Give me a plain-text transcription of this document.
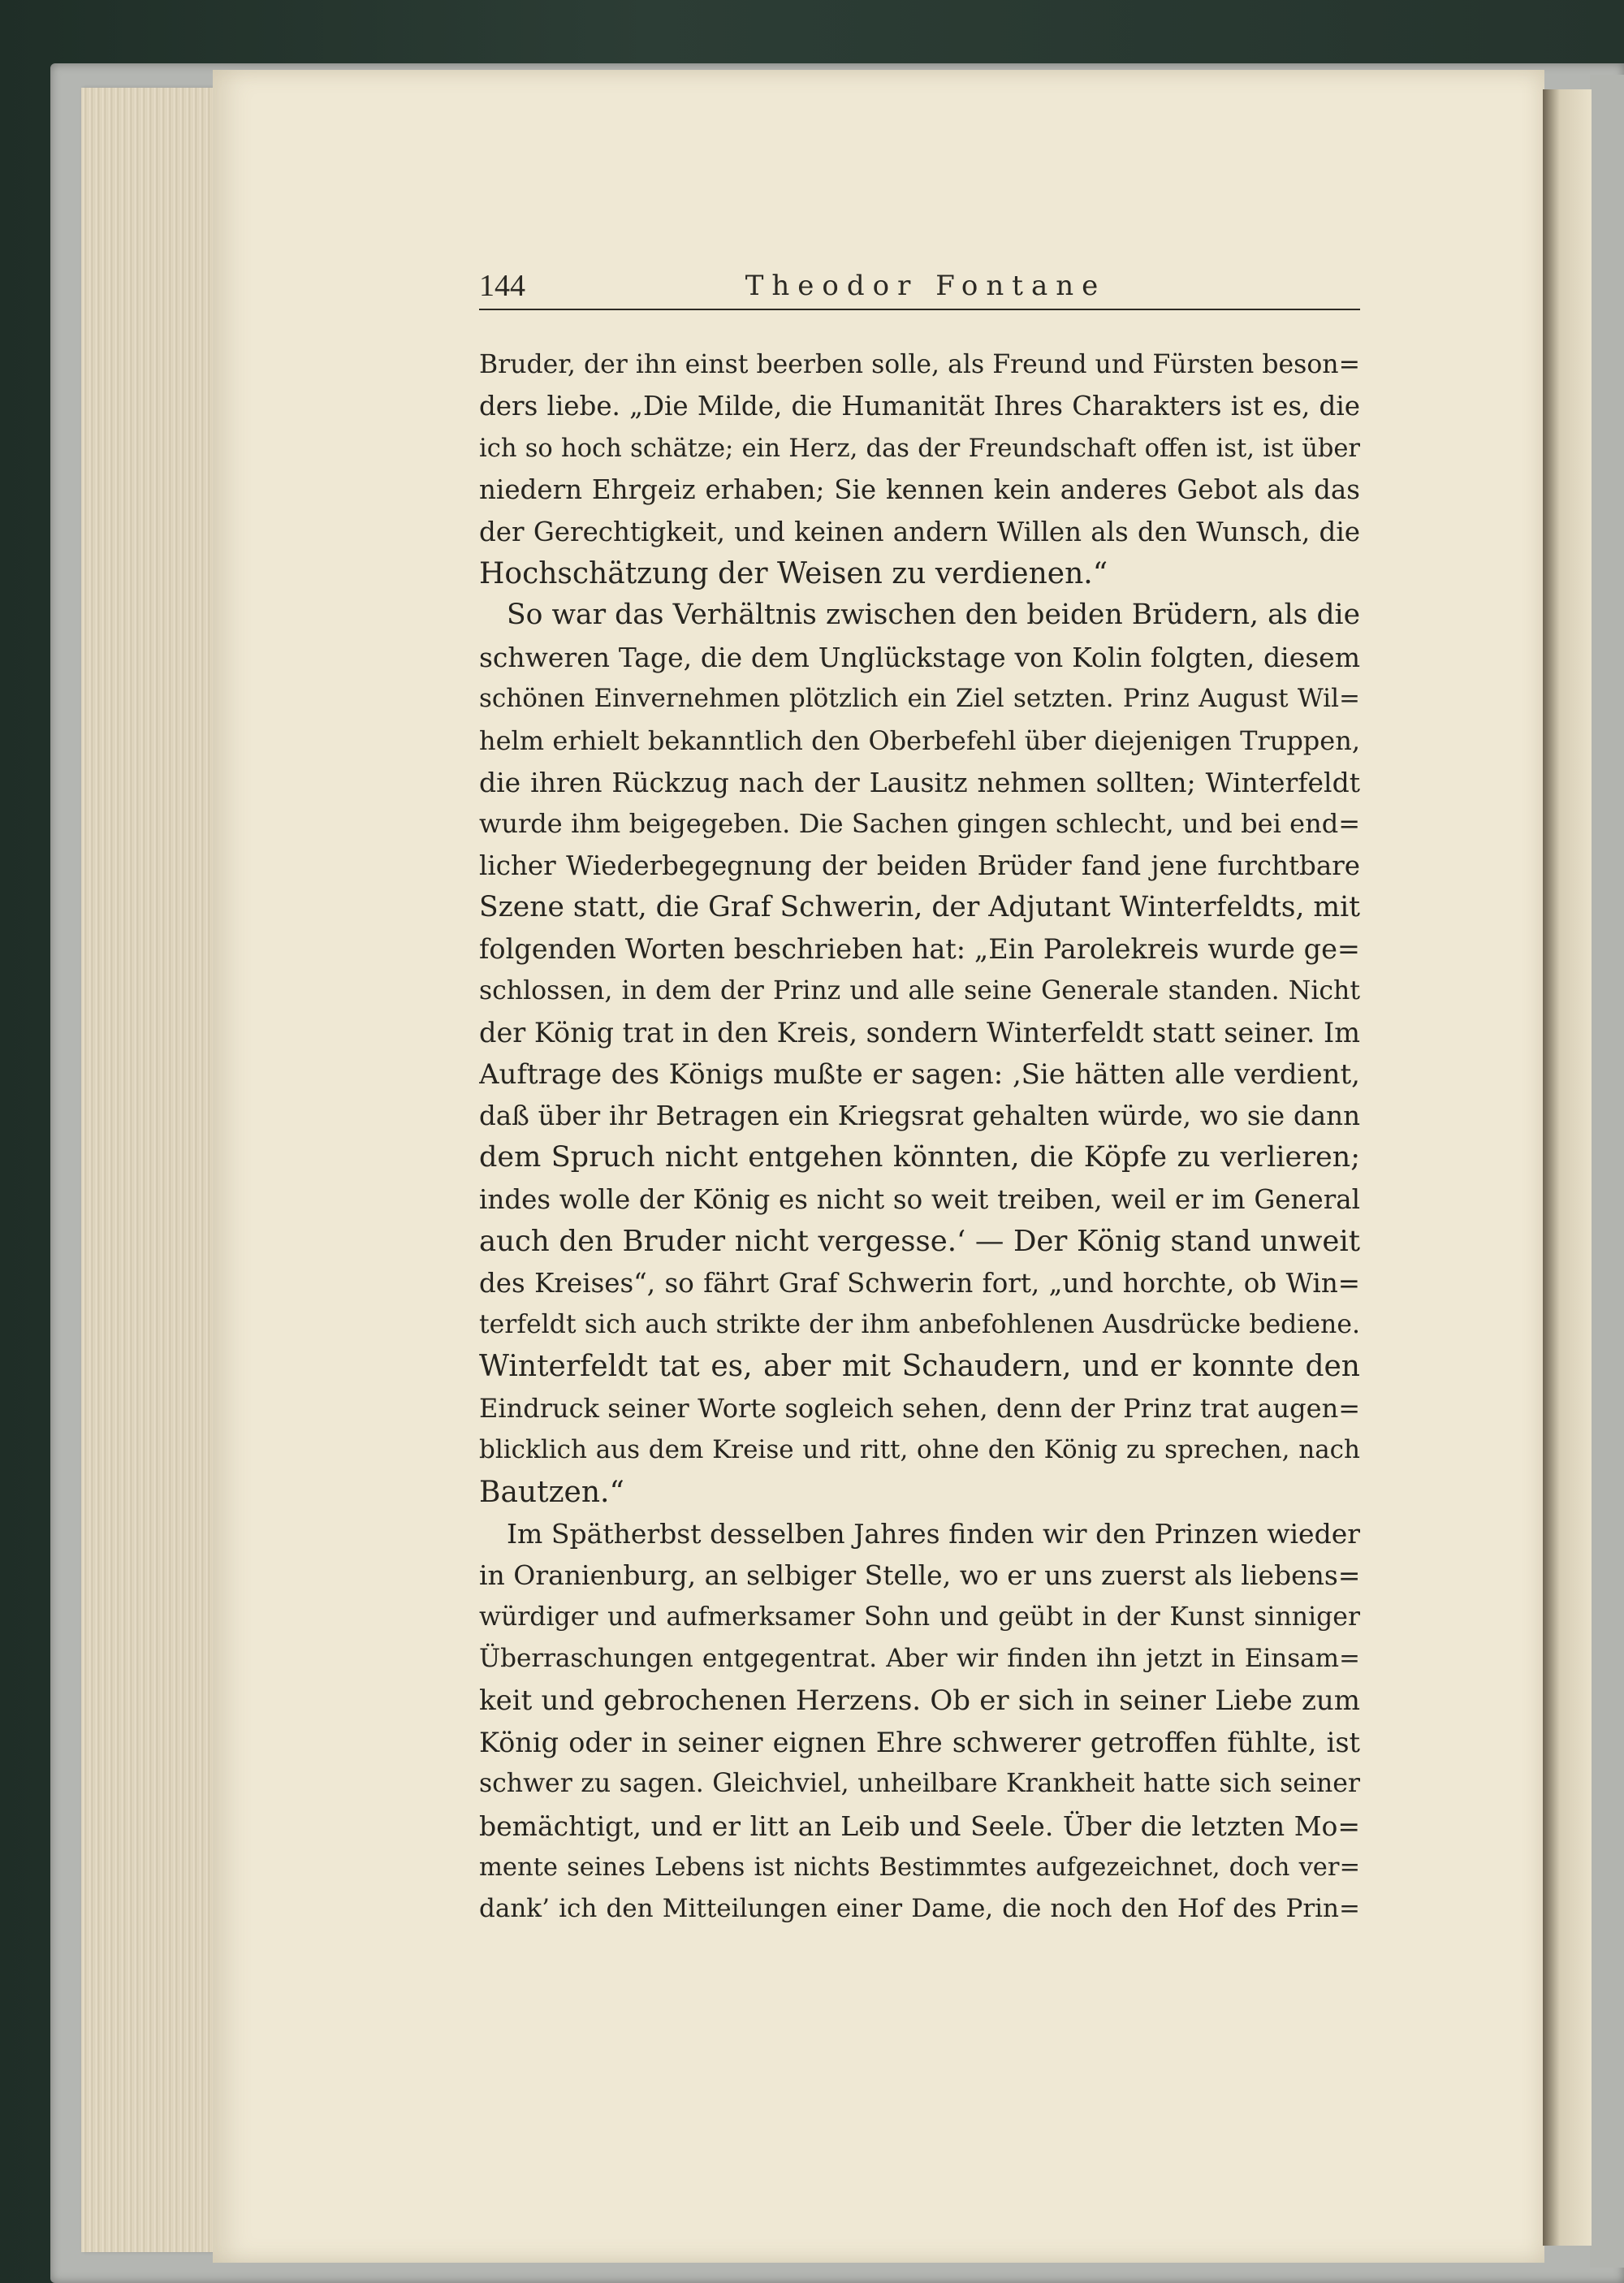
144	Theodor Fontane
Bruder, der ihn einst beerben solle, als Freund und Fürsten beson=
ders liebe. „Die Milde, die Humanität Ihres Charakters ist es, die
ich so hoch schätze; ein Herz, das der Freundschaft offen ist, ist über
niedern Ehrgeiz erhaben; Sie kennen kein anderes Gebot als das
der Gerechtigkeit, und keinen andern Willen als den Wunsch, die
Hochschätzung der Weisen zu verdienen.“
So war das Verhältnis zwischen den beiden Brüdern, als die
schweren Tage, die dem Unglückstage von Kolin folgten, diesem
schönen Einvernehmen plötzlich ein Ziel setzten. Prinz August Wil=
helm erhielt bekanntlich den Oberbefehl über diejenigen Truppen,
die ihren Rückzug nach der Lausitz nehmen sollten; Winterfeldt
wurde ihm beigegeben. Die Sachen gingen schlecht, und bei end=
licher Wiederbegegnung der beiden Brüder fand jene furchtbare
Szene statt, die Graf Schwerin, der Adjutant Winterfeldts, mit
folgenden Worten beschrieben hat: „Ein Parolekreis wurde ge=
schlossen, in dem der Prinz und alle seine Generale standen. Nicht
der König trat in den Kreis, sondern Winterfeldt statt seiner. Im
Auftrage des Königs mußte er sagen: ‚Sie hätten alle verdient,
daß über ihr Betragen ein Kriegsrat gehalten würde, wo sie dann
dem Spruch nicht entgehen könnten, die Köpfe zu verlieren;
indes wolle der König es nicht so weit treiben, weil er im General
auch den Bruder nicht vergesse.‘ — Der König stand unweit
des Kreises“, so fährt Graf Schwerin fort, „und horchte, ob Win=
terfeldt sich auch strikte der ihm anbefohlenen Ausdrücke bediene.
Winterfeldt tat es, aber mit Schaudern, und er konnte den
Eindruck seiner Worte sogleich sehen, denn der Prinz trat augen=
blicklich aus dem Kreise und ritt, ohne den König zu sprechen, nach
Bautzen.“
Im Spätherbst desselben Jahres finden wir den Prinzen wieder
in Oranienburg, an selbiger Stelle, wo er uns zuerst als liebens=
würdiger und aufmerksamer Sohn und geübt in der Kunst sinniger
Überraschungen entgegentrat. Aber wir finden ihn jetzt in Einsam=
keit und gebrochenen Herzens. Ob er sich in seiner Liebe zum
König oder in seiner eignen Ehre schwerer getroffen fühlte, ist
schwer zu sagen. Gleichviel, unheilbare Krankheit hatte sich seiner
bemächtigt, und er litt an Leib und Seele. Über die letzten Mo=
mente seines Lebens ist nichts Bestimmtes aufgezeichnet, doch ver=
dank’ ich den Mitteilungen einer Dame, die noch den Hof des Prin=
